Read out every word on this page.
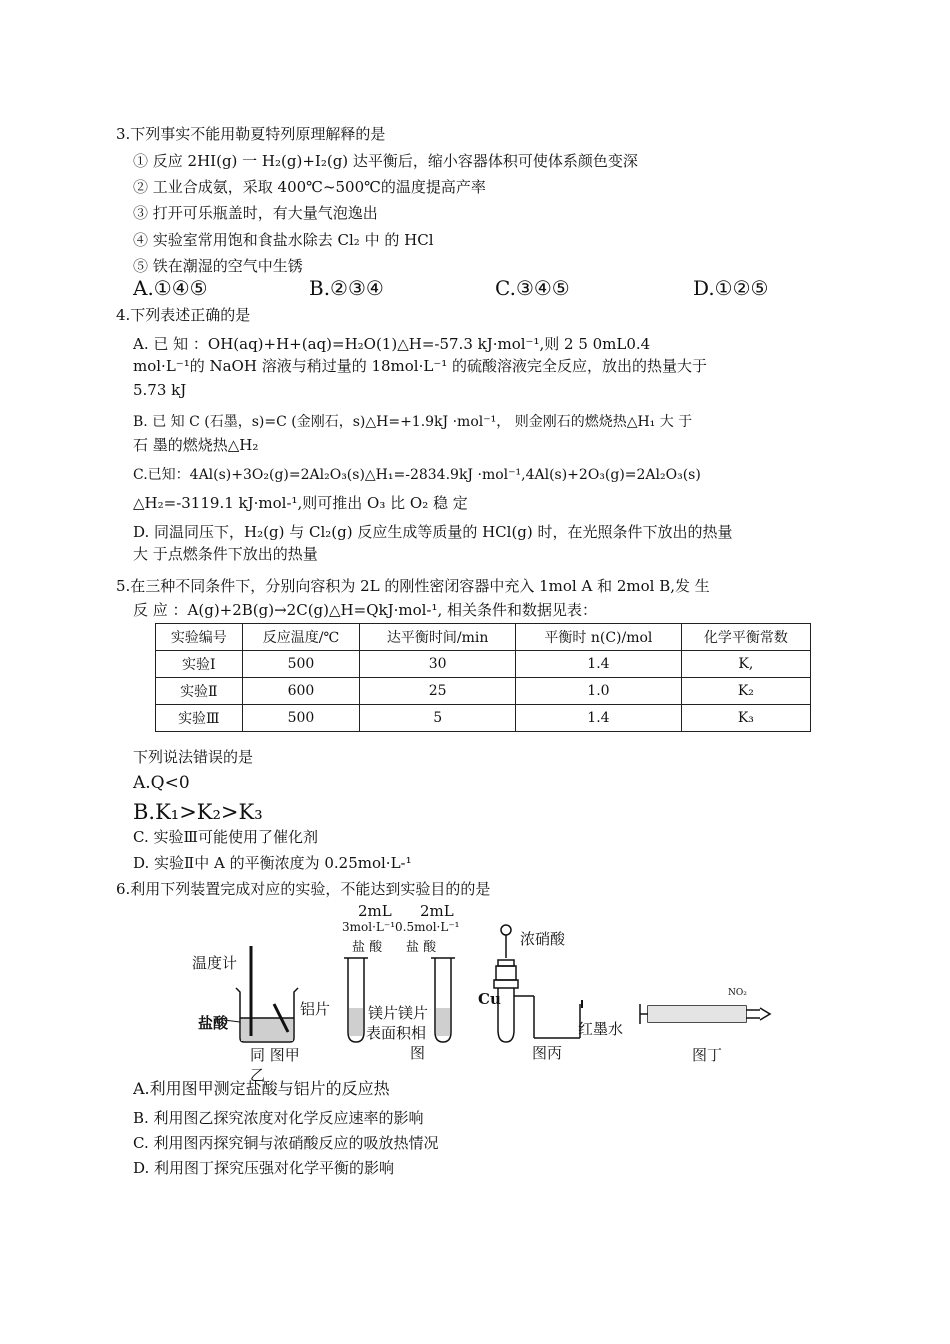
3.下列事实不能用勒夏特列原理解释的是
① 反应 2HI(g) 一 H₂(g)+I₂(g) 达平衡后，缩小容器体积可使体系颜色变深
② 工业合成氨，采取 400℃~500℃的温度提高产率
③ 打开可乐瓶盖时，有大量气泡逸出
④ 实验室常用饱和食盐水除去 Cl₂ 中 的 HCl
⑤ 铁在潮湿的空气中生锈
A.①④⑤	B.②③④	C.③④⑤	D.①②⑤
4.下列表述正确的是
A. 已 知 ：OH(aq)+H+(aq)=H₂O(1)△H=-57.3 kJ·mol⁻¹,则 2 5 0mL0.4
mol·L⁻¹的 NaOH 溶液与稍过量的 18mol·L⁻¹ 的硫酸溶液完全反应，放出的热量大于
5.73 kJ
B. 已 知 C (石墨，s)=C (金刚石，s)△H=+1.9kJ ·mol⁻¹， 则金刚石的燃烧热△H₁ 大 于
石 墨的燃烧热△H₂
C.已知：4Al(s)+3O₂(g)=2Al₂O₃(s)△H₁=-2834.9kJ ·mol⁻¹,4Al(s)+2O₃(g)=2Al₂O₃(s)
△H₂=-3119.1 kJ·mol-¹,则可推出 O₃ 比 O₂ 稳 定
D. 同温同压下，H₂(g) 与 Cl₂(g) 反应生成等质量的 HCl(g) 时，在光照条件下放出的热量
大 于点燃条件下放出的热量
5.在三种不同条件下，分别向容积为 2L 的刚性密闭容器中充入 1mol A 和 2mol B,发 生
反 应 ：A(g)+2B(g)→2C(g)△H=QkJ·mol-¹, 相关条件和数据见表：
实验编号	反应温度/℃	达平衡时间/min	平衡时 n(C)/mol	化学平衡常数
实验Ⅰ	500	30	1.4	K,
实验Ⅱ	600	25	1.0	K₂
实验Ⅲ	500	5	1.4	K₃
下列说法错误的是
A.Q<0
B.K₁>K₂>K₃
C. 实验Ⅲ可能使用了催化剂
D. 实验Ⅱ中 A 的平衡浓度为 0.25mol·L-¹
6.利用下列装置完成对应的实验，不能达到实验目的的是
温度计
盐酸
铝片
同 图甲
乙
2mL 2mL
3mol·L⁻¹0.5mol·L⁻¹
盐 酸 盐 酸
镁片镁片
表面积相
图
浓硝酸
Cu
红墨水
图丙
NO₂
图丁
A.利用图甲测定盐酸与铝片的反应热
B. 利用图乙探究浓度对化学反应速率的影响
C. 利用图丙探究铜与浓硝酸反应的吸放热情况
D. 利用图丁探究压强对化学平衡的影响
